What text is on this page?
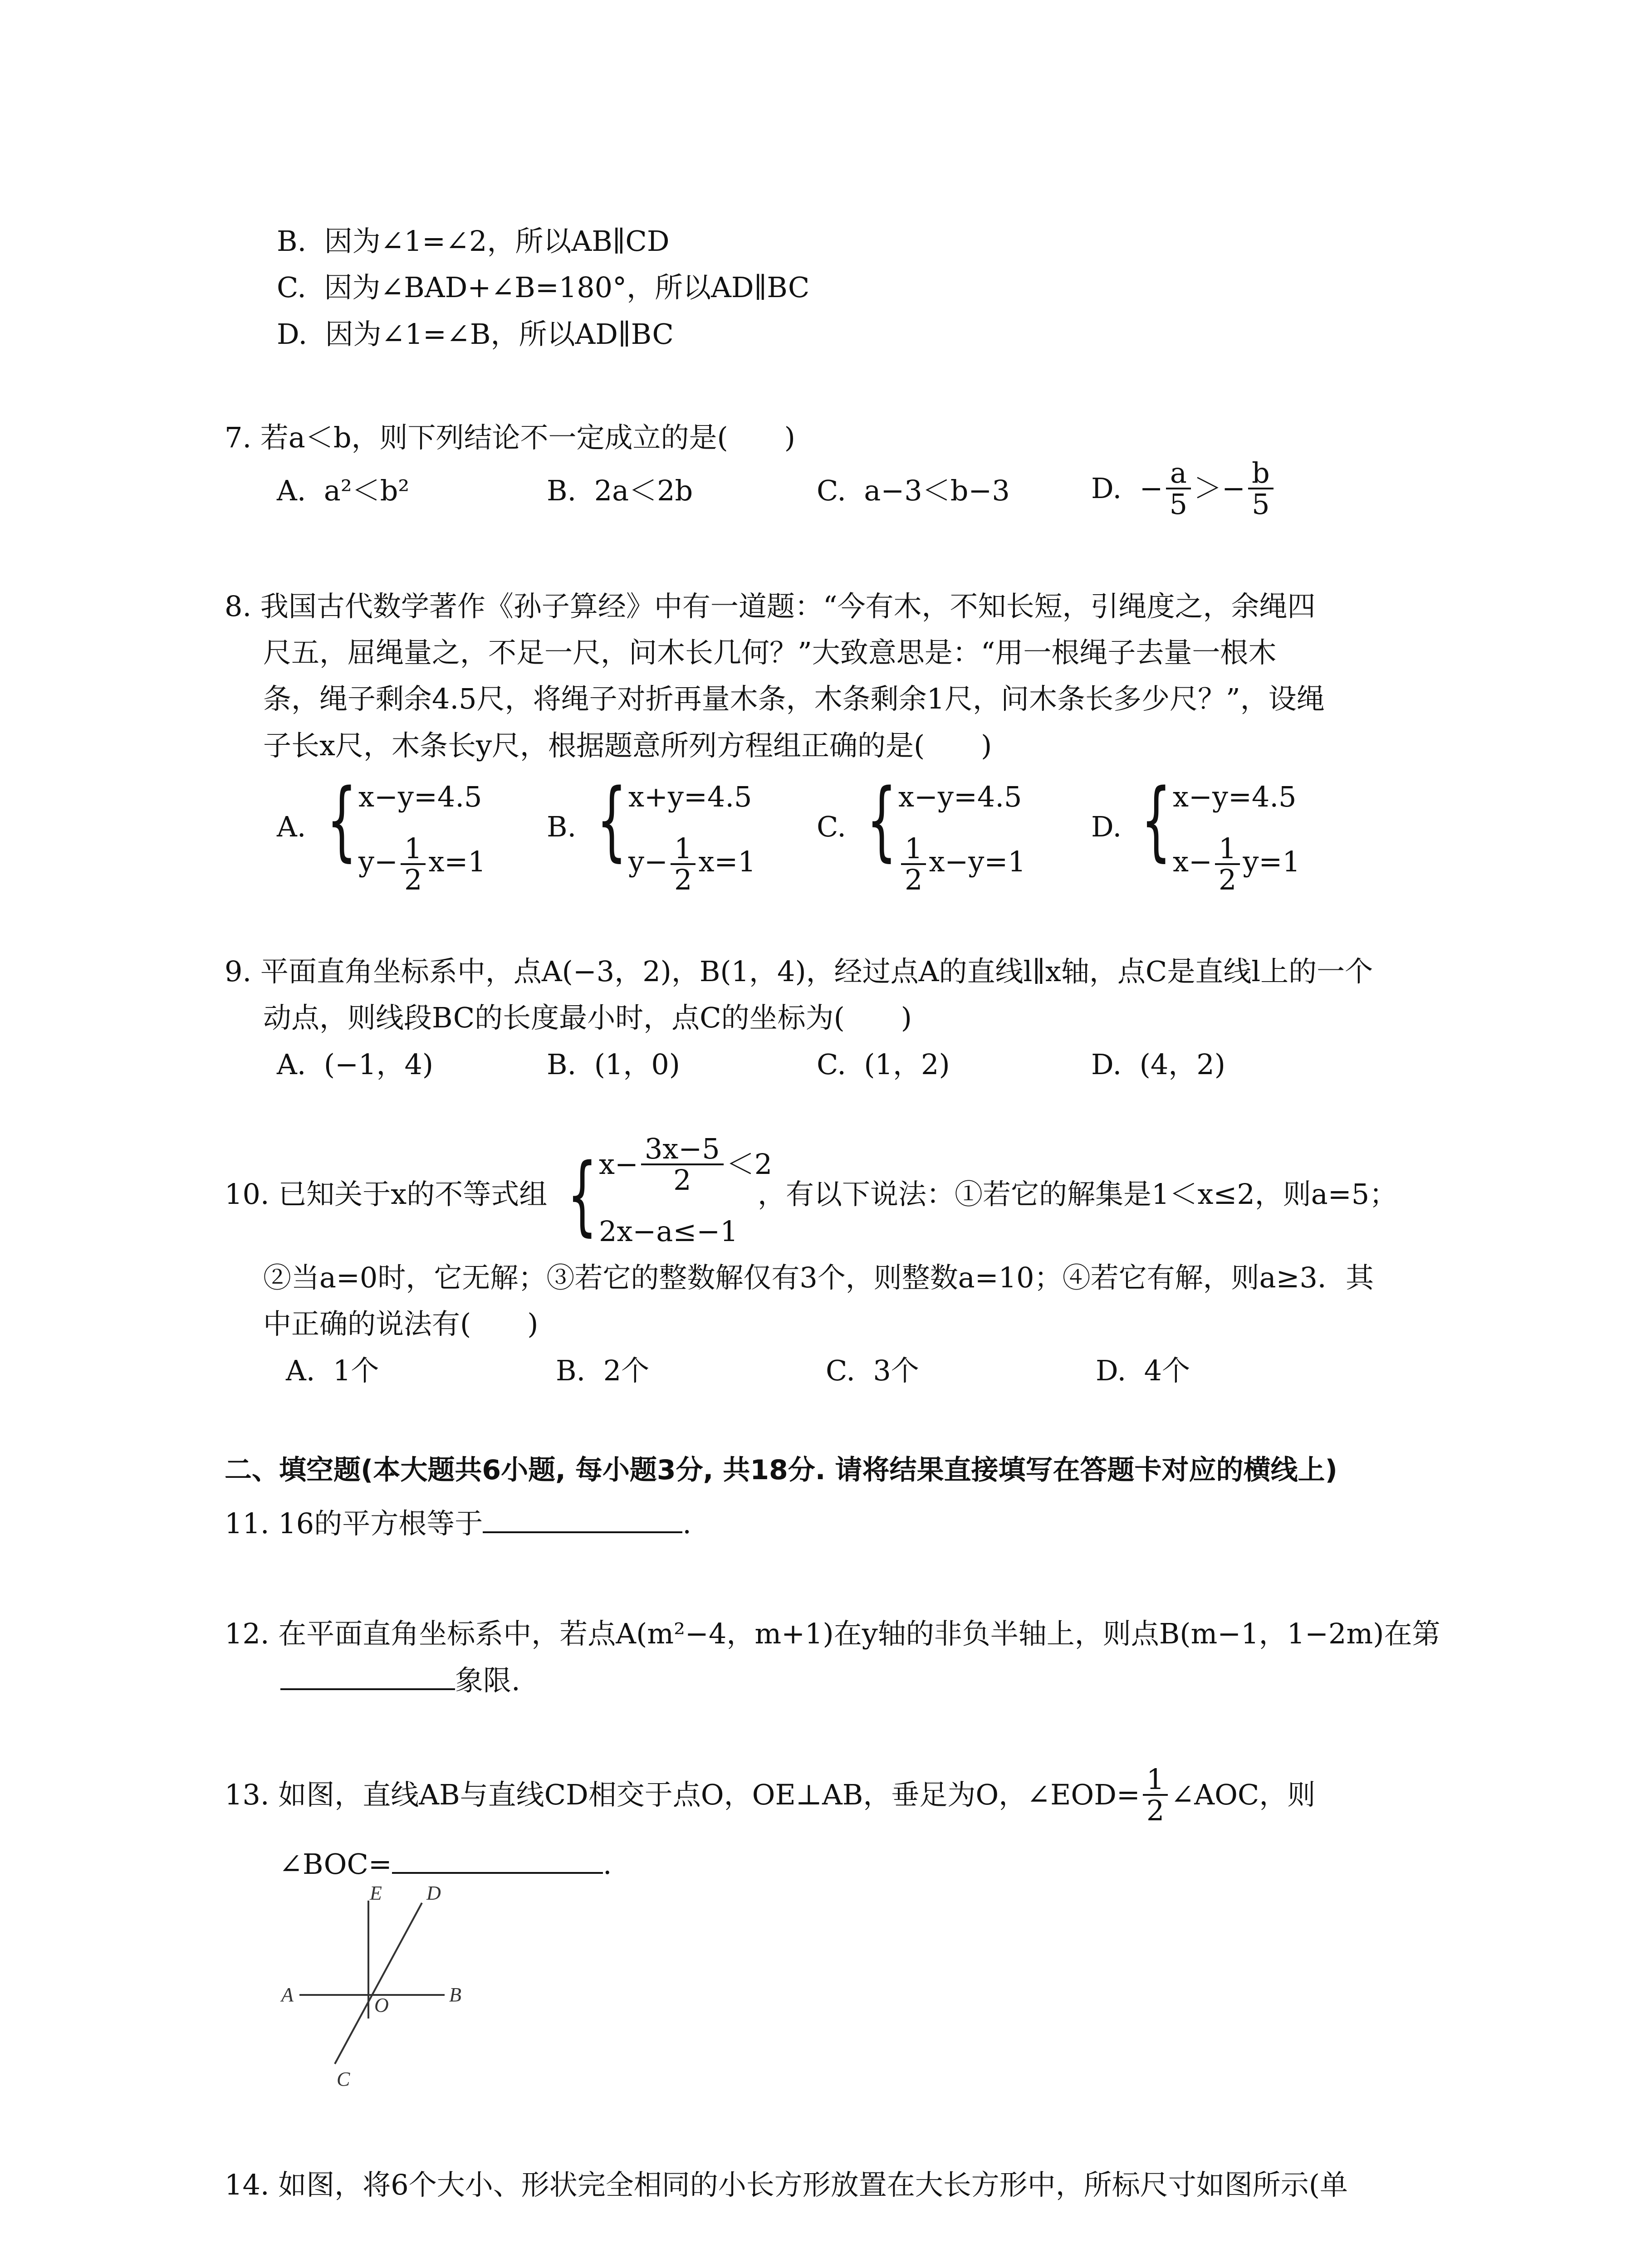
B. 因为∠1=∠2，所以AB∥CD
C. 因为∠BAD+∠B=180°，所以AD∥BC
D. 因为∠1=∠B，所以AD∥BC
7. 若a＜b，则下列结论不一定成立的是(　　)
A. a²＜b²	B. 2a＜2b	C. a−3＜b−3	D. − $\frac{a}{5} >- \frac{b}{5}$
8. 我国古代数学著作《孙子算经》中有一道题：“今有木，不知长短，引绳度之，余绳四
尺五，屈绳量之，不足一尺，问木长几何？”大致意思是：“用一根绳子去量一根木
条，绳子剩余4.5尺，将绳子对折再量木条，木条剩余1尺，问木条长多少尺？”，设绳
子长x尺，木条长y尺，根据题意所列方程组正确的是(　　)
A. { x−y=4.5
$y- \frac{1}{2} x=1$
B. { x+y=4.5
$y- \frac{1}{2} x=1$
C. { x−y=4.5
$\frac{1}{2} x-y=1$
D. { x−y=4.5
$x- \frac{1}{2} y=1$
9. 平面直角坐标系中，点A(−3，2)，B(1，4)，经过点A的直线l∥x轴，点C是直线l上的一个
动点，则线段BC的长度最小时，点C的坐标为(　　)
A. (−1，4)	B. (1，0)	C. (1，2)	D. (4，2)
10. 已知关于x的不等式组 { $x- \frac{3x-5}{2} <2$
2x−a≤−1
，有以下说法：①若它的解集是1＜x≤2，则a=5；
②当a=0时，它无解；③若它的整数解仅有3个，则整数a=10；④若它有解，则a≥3．其
中正确的说法有(　　)
A. 1个	B. 2个	C. 3个	D. 4个
二、填空题(本大题共6小题, 每小题3分, 共18分. 请将结果直接填写在答题卡对应的横线上)
11. 16的平方根等于	.
12. 在平面直角坐标系中，若点A(m²−4，m+1)在y轴的非负半轴上，则点B(m−1，1−2m)在第
象限.
13. 如图，直线AB与直线CD相交于点O，OE⊥AB，垂足为O，∠EOD= $\frac{1}{2}$ ∠AOC，则
∠BOC=	.
E D
A	O	B
C
14. 如图，将6个大小、形状完全相同的小长方形放置在大长方形中，所标尺寸如图所示(单
